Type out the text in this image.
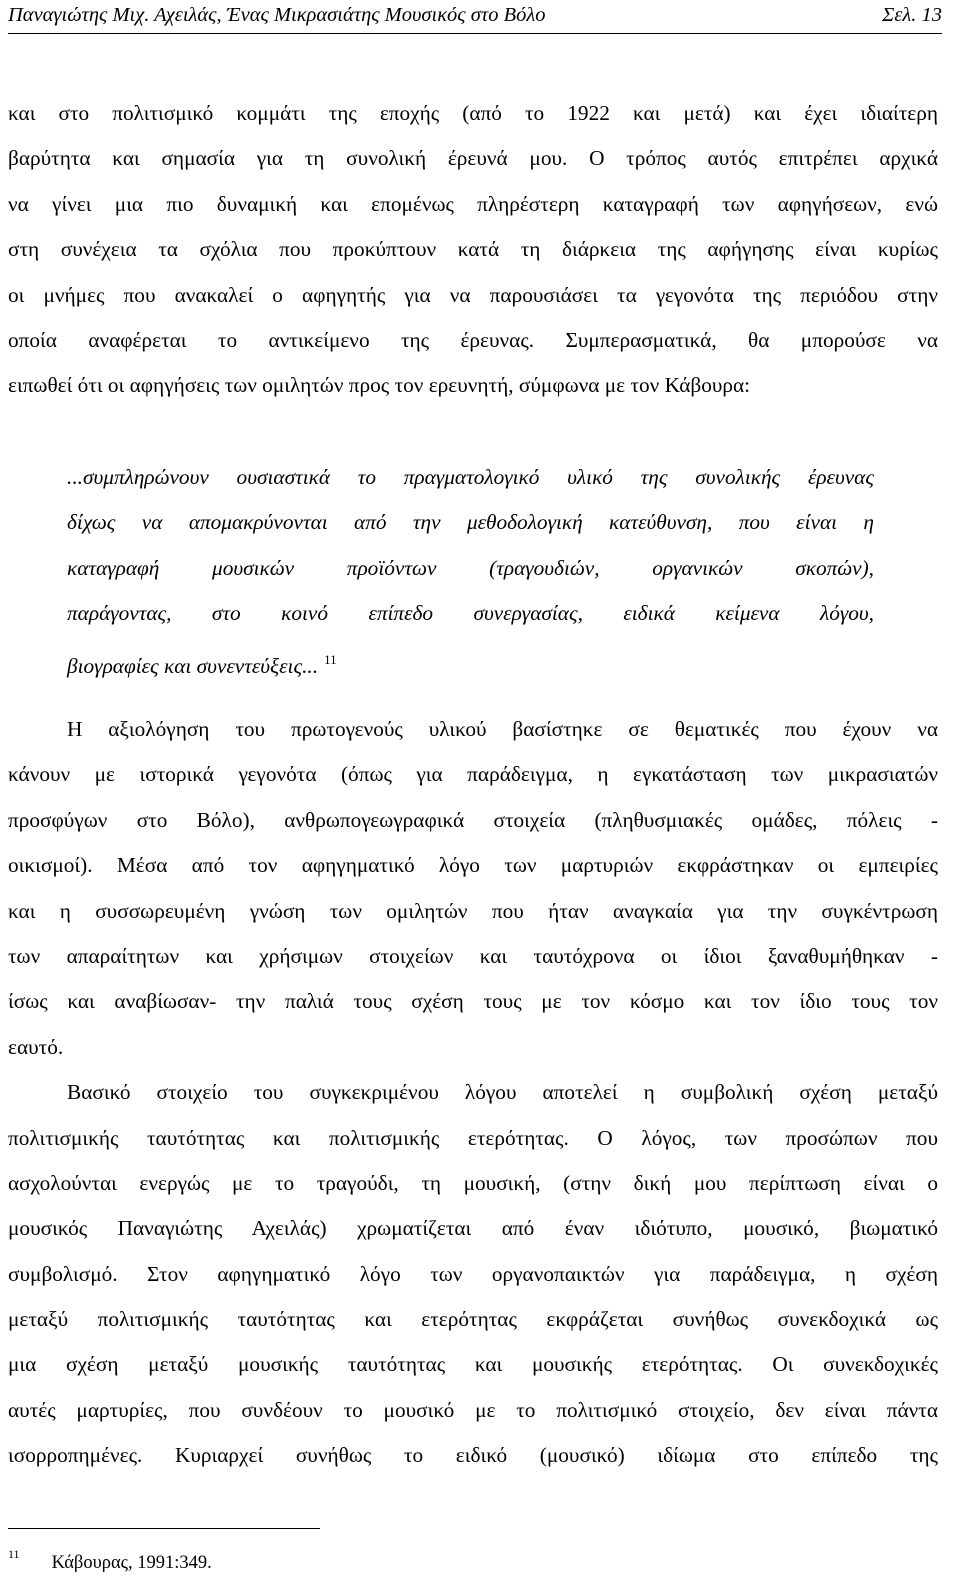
Παναγιώτης Μιχ. Αχειλάς, Ένας Μικρασιάτης Μουσικός στο Βόλο	Σελ. 13
και στο πολιτισμικό κομμάτι της εποχής (από το 1922 και μετά) και έχει ιδιαίτερη
βαρύτητα και σημασία για τη συνολική έρευνά μου. Ο τρόπος αυτός επιτρέπει αρχικά
να γίνει μια πιο δυναμική και επομένως πληρέστερη καταγραφή των αφηγήσεων, ενώ
στη συνέχεια τα σχόλια που προκύπτουν κατά τη διάρκεια της αφήγησης είναι κυρίως
οι μνήμες που ανακαλεί ο αφηγητής για να παρουσιάσει τα γεγονότα της περιόδου στην
οποία αναφέρεται το αντικείμενο της έρευνας. Συμπερασματικά, θα μπορούσε να
ειπωθεί ότι οι αφηγήσεις των ομιλητών προς τον ερευνητή, σύμφωνα με τον Κάβουρα:
...συμπληρώνουν ουσιαστικά το πραγματολογικό υλικό της συνολικής έρευνας
δίχως να απομακρύνονται από την μεθοδολογική κατεύθυνση, που είναι η
καταγραφή μουσικών προϊόντων (τραγουδιών, οργανικών σκοπών),
παράγοντας, στο κοινό επίπεδο συνεργασίας, ειδικά κείμενα λόγου,
βιογραφίες και συνεντεύξεις... $^{11}$
Η αξιολόγηση του πρωτογενούς υλικού βασίστηκε σε θεματικές που έχουν να
κάνουν με ιστορικά γεγονότα (όπως για παράδειγμα, η εγκατάσταση των μικρασιατών
προσφύγων στο Βόλο), ανθρωπογεωγραφικά στοιχεία (πληθυσμιακές ομάδες, πόλεις -
οικισμοί). Μέσα από τον αφηγηματικό λόγο των μαρτυριών εκφράστηκαν οι εμπειρίες
και η συσσωρευμένη γνώση των ομιλητών που ήταν αναγκαία για την συγκέντρωση
των απαραίτητων και χρήσιμων στοιχείων και ταυτόχρονα οι ίδιοι ξαναθυμήθηκαν -
ίσως και αναβίωσαν- την παλιά τους σχέση τους με τον κόσμο και τον ίδιο τους τον
εαυτό.
Βασικό στοιχείο του συγκεκριμένου λόγου αποτελεί η συμβολική σχέση μεταξύ
πολιτισμικής ταυτότητας και πολιτισμικής ετερότητας. Ο λόγος, των προσώπων που
ασχολούνται ενεργώς με το τραγούδι, τη μουσική, (στην δική μου περίπτωση είναι ο
μουσικός Παναγιώτης Αχειλάς) χρωματίζεται από έναν ιδιότυπο, μουσικό, βιωματικό
συμβολισμό. Στον αφηγηματικό λόγο των οργανοπαικτών για παράδειγμα, η σχέση
μεταξύ πολιτισμικής ταυτότητας και ετερότητας εκφράζεται συνήθως συνεκδοχικά ως
μια σχέση μεταξύ μουσικής ταυτότητας και μουσικής ετερότητας. Οι συνεκδοχικές
αυτές μαρτυρίες, που συνδέουν το μουσικό με το πολιτισμικό στοιχείο, δεν είναι πάντα
ισορροπημένες. Κυριαρχεί συνήθως το ειδικό (μουσικό) ιδίωμα στο επίπεδο της
$^{11}$ Κάβουρας, 1991:349.
